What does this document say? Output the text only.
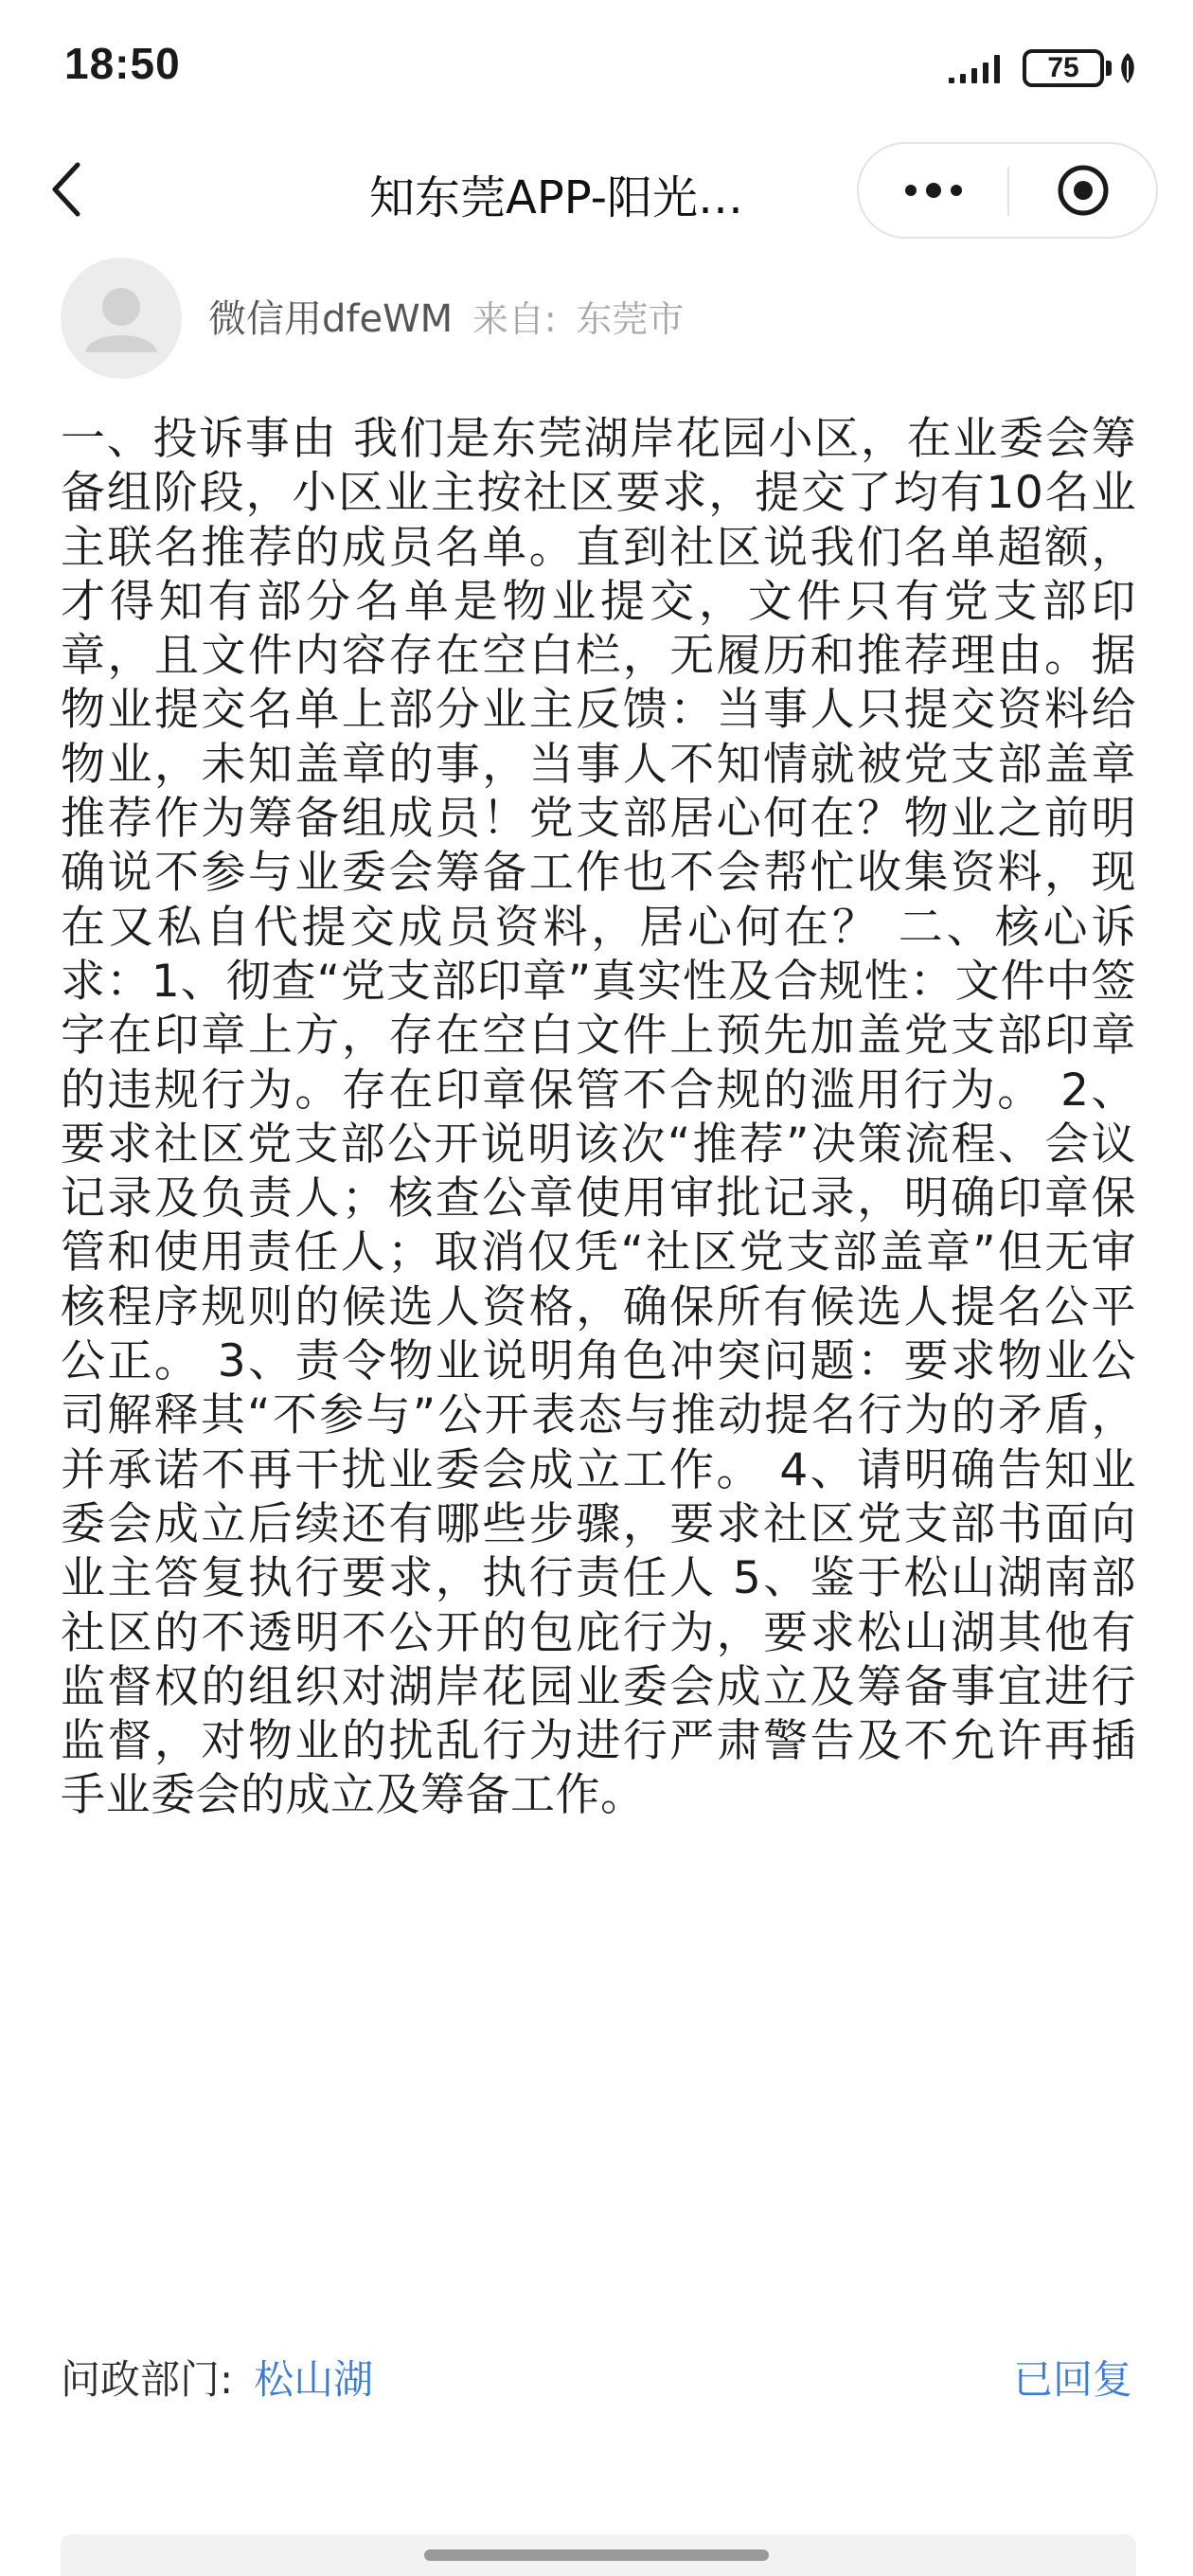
18:50	75
知东莞APP-阳光…
微信用dfeWM 来自: 东莞市
一、投诉事由 我们是东莞湖岸花园小区，在业委会筹备组阶段，小区业主按社区要求，提交了均有10名业主联名推荐的成员名单。直到社区说我们名单超额，才得知有部分名单是物业提交，文件只有党支部印章，且文件内容存在空白栏，无履历和推荐理由。据物业提交名单上部分业主反馈：当事人只提交资料给物业，未知盖章的事，当事人不知情就被党支部盖章推荐作为筹备组成员！党支部居心何在？物业之前明确说不参与业委会筹备工作也不会帮忙收集资料，现在又私自代提交成员资料，居心何在？ 二、核心诉求：1、彻查“党支部印章”真实性及合规性：文件中签字在印章上方，存在空白文件上预先加盖党支部印章的违规行为。存在印章保管不合规的滥用行为。 2、要求社区党支部公开说明该次“推荐”决策流程、会议记录及负责人；核查公章使用审批记录，明确印章保管和使用责任人；取消仅凭“社区党支部盖章”但无审核程序规则的候选人资格，确保所有候选人提名公平公正。 3、责令物业说明角色冲突问题：要求物业公司解释其“不参与”公开表态与推动提名行为的矛盾，并承诺不再干扰业委会成立工作。 4、请明确告知业委会成立后续还有哪些步骤，要求社区党支部书面向业主答复执行要求，执行责任人 5、鉴于松山湖南部社区的不透明不公开的包庇行为，要求松山湖其他有监督权的组织对湖岸花园业委会成立及筹备事宜进行监督，对物业的扰乱行为进行严肃警告及不允许再插手业委会的成立及筹备工作。
问政部门: 松山湖	已回复
